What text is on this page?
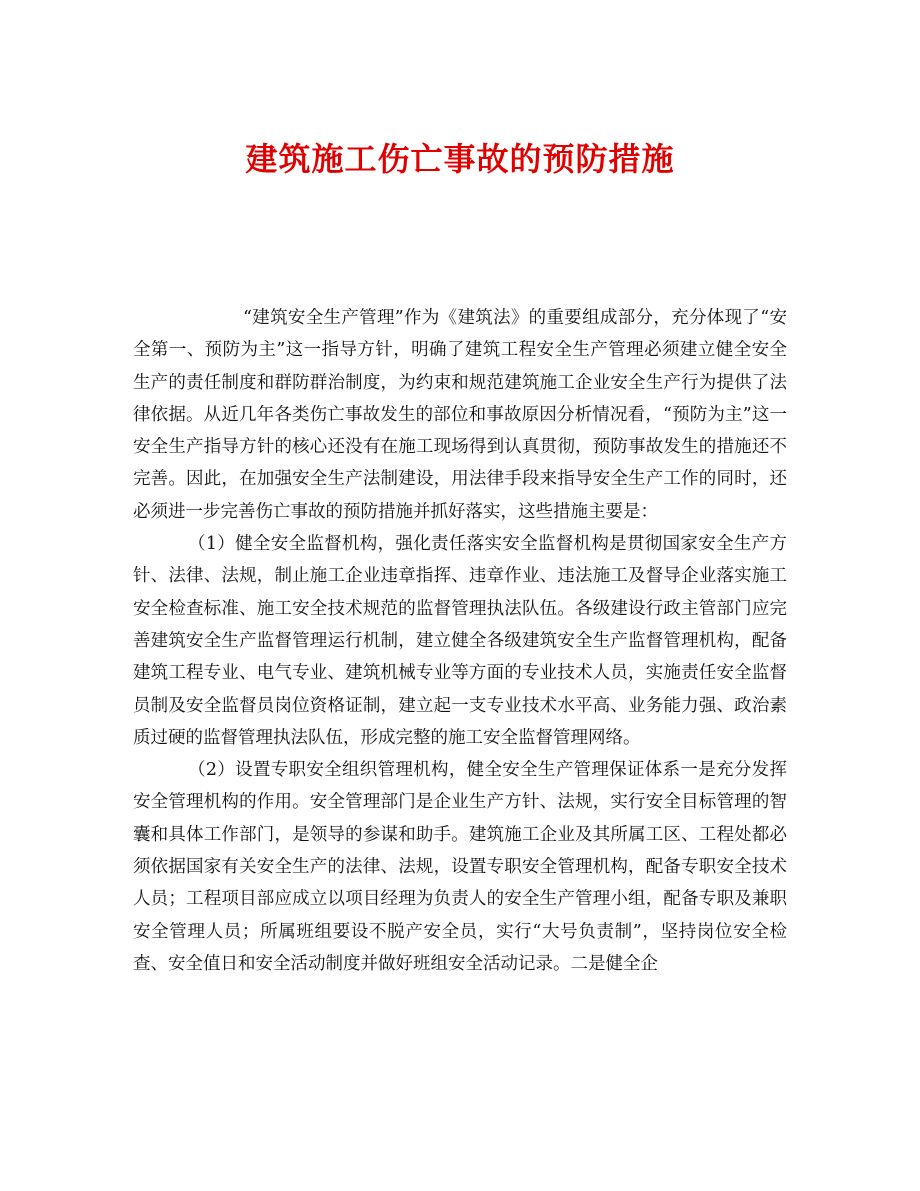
建筑施工伤亡事故的预防措施

“建筑安全生产管理”作为《建筑法》的重要组成部分，充分体现了“安全第一、预防为主”这一指导方针，明确了建筑工程安全生产管理必须建立健全安全生产的责任制度和群防群治制度，为约束和规范建筑施工企业安全生产行为提供了法律依据。从近几年各类伤亡事故发生的部位和事故原因分析情况看，“预防为主”这一安全生产指导方针的核心还没有在施工现场得到认真贯彻，预防事故发生的措施还不完善。因此，在加强安全生产法制建设，用法律手段来指导安全生产工作的同时，还必须进一步完善伤亡事故的预防措施并抓好落实，这些措施主要是：

（1）健全安全监督机构，强化责任落实安全监督机构是贯彻国家安全生产方针、法律、法规，制止施工企业违章指挥、违章作业、违法施工及督导企业落实施工安全检查标准、施工安全技术规范的监督管理执法队伍。各级建设行政主管部门应完善建筑安全生产监督管理运行机制，建立健全各级建筑安全生产监督管理机构，配备建筑工程专业、电气专业、建筑机械专业等方面的专业技术人员，实施责任安全监督员制及安全监督员岗位资格证制，建立起一支专业技术水平高、业务能力强、政治素质过硬的监督管理执法队伍，形成完整的施工安全监督管理网络。

（2）设置专职安全组织管理机构，健全安全生产管理保证体系一是充分发挥安全管理机构的作用。安全管理部门是企业生产方针、法规，实行安全目标管理的智囊和具体工作部门，是领导的参谋和助手。建筑施工企业及其所属工区、工程处都必须依据国家有关安全生产的法律、法规，设置专职安全管理机构，配备专职安全技术人员；工程项目部应成立以项目经理为负责人的安全生产管理小组，配备专职及兼职安全管理人员；所属班组要设不脱产安全员，实行“大号负责制”，坚持岗位安全检查、安全值日和安全活动制度并做好班组安全活动记录。二是健全企
